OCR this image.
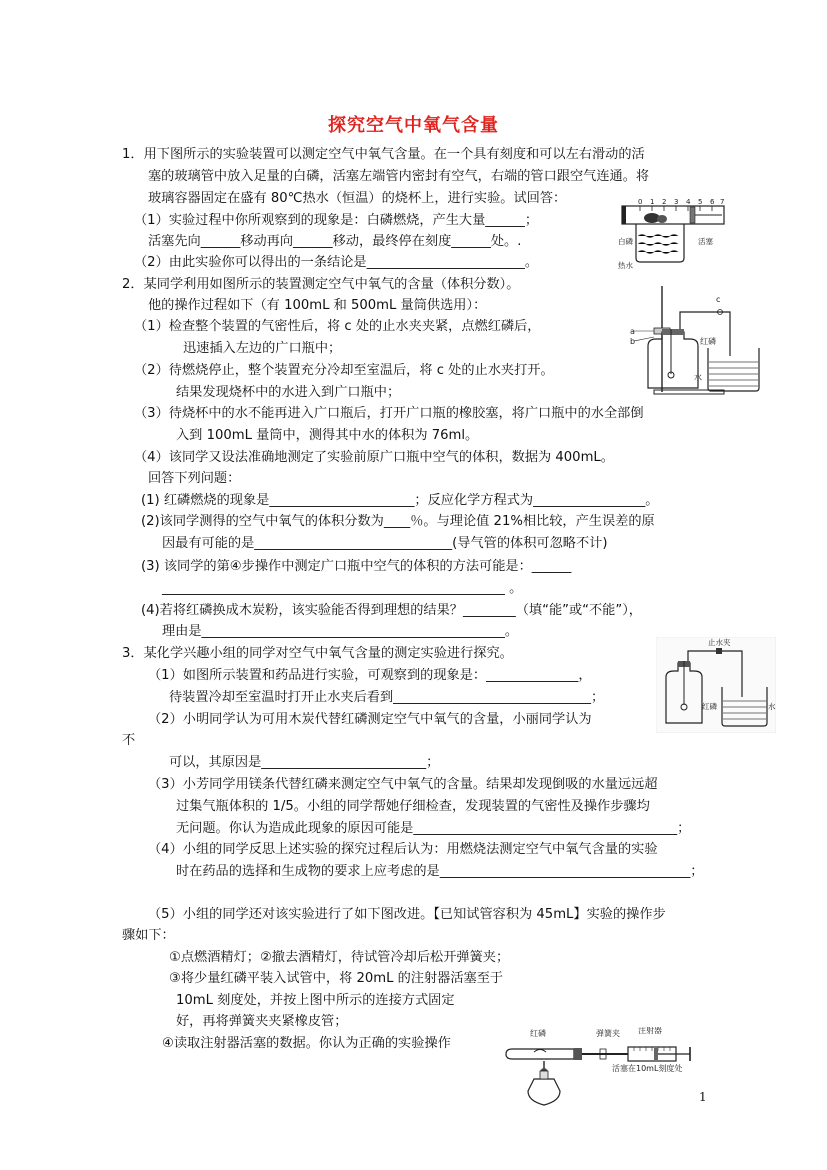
探究空气中氧气含量
1．用下图所示的实验装置可以测定空气中氧气含量。在一个具有刻度和可以左右滑动的活
塞的玻璃管中放入足量的白磷，活塞左端管内密封有空气，右端的管口跟空气连通。将
玻璃容器固定在盛有 80℃热水（恒温）的烧杯上，进行实验。试回答：
（1）实验过程中你所观察到的现象是：白磷燃烧，产生大量______；
活塞先向______移动再向______移动，最终停在刻度______处。.
（2）由此实验你可以得出的一条结论是________________________。
2．某同学利用如图所示的装置测定空气中氧气的含量（体积分数）。
他的操作过程如下（有 100mL 和 500mL 量筒供选用）：
（1）检查整个装置的气密性后，将 c 处的止水夹夹紧，点燃红磷后，
迅速插入左边的广口瓶中；
（2）待燃烧停止，整个装置充分冷却至室温后，将 c 处的止水夹打开。
结果发现烧杯中的水进入到广口瓶中；
（3）待烧杯中的水不能再进入广口瓶后，打开广口瓶的橡胶塞，将广口瓶中的水全部倒
入到 100mL 量筒中，测得其中水的体积为 76ml。
（4）该同学又设法准确地测定了实验前原广口瓶中空气的体积，数据为 400mL。
回答下列问题：
(1) 红磷燃烧的现象是______________________；反应化学方程式为_________________。
(2)该同学测得的空气中氧气的体积分数为____％。与理论值 21%相比较，产生误差的原
因最有可能的是______________________________(导气管的体积可忽略不计)
(3) 该同学的第④步操作中测定广口瓶中空气的体积的方法可能是：______
____________________________________________________ 。
(4)若将红磷换成木炭粉，该实验能否得到理想的结果？________（填“能”或“不能”），
理由是______________________________________________。
3．某化学兴趣小组的同学对空气中氧气含量的测定实验进行探究。
（1）如图所示装置和药品进行实验，可观察到的现象是：______________，
待装置冷却至室温时打开止水夹后看到______________________________；
（2）小明同学认为可用木炭代替红磷测定空气中氧气的含量，小丽同学认为
不
可以，其原因是_________________________；
（3）小芳同学用镁条代替红磷来测定空气中氧气的含量。结果却发现倒吸的水量远远超
过集气瓶体积的 1/5。小组的同学帮她仔细检查，发现装置的气密性及操作步骤均
无问题。你认为造成此现象的原因可能是________________________________________；
（4）小组的同学反思上述实验的探究过程后认为：用燃烧法测定空气中氧气含量的实验
时在药品的选择和生成物的要求上应考虑的是______________________________________；
（5）小组的同学还对该实验进行了如下图改进。【已知试管容积为 45mL】实验的操作步
骤如下：
①点燃酒精灯；②撤去酒精灯，待试管冷却后松开弹簧夹；
③将少量红磷平装入试管中，将 20mL 的注射器活塞至于
10mL 刻度处，并按上图中所示的连接方式固定
好，再将弹簧夹夹紧橡皮管；
④读取注射器活塞的数据。你认为正确的实验操作
0 1 2 3 4 5 6 7
白磷	活塞
热水
a
b
c
红磷
水
止水夹
红磷	水
红磷	弹簧夹 注射器
活塞在10mL刻度处
1
